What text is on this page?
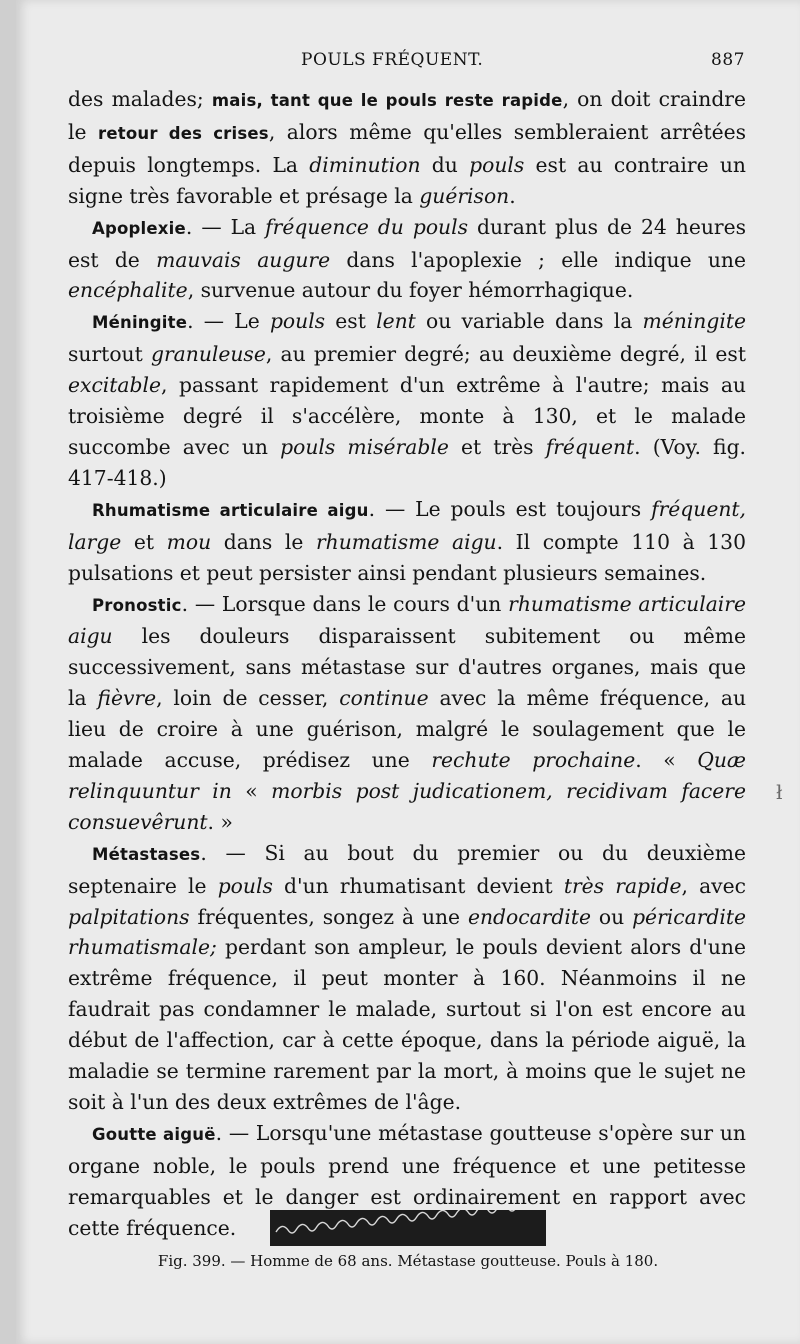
POULS FRÉQUENT.	887

des malades; mais, tant que le pouls reste rapide, on doit craindre le retour des crises, alors même qu'elles sembleraient arrêtées depuis longtemps. La diminution du pouls est au contraire un signe très favorable et présage la guérison.

Apoplexie. — La fréquence du pouls durant plus de 24 heures est de mauvais augure dans l'apoplexie ; elle indique une encéphalite, survenue autour du foyer hémorrhagique.

Méningite. — Le pouls est lent ou variable dans la méningite surtout granuleuse, au premier degré; au deuxième degré, il est excitable, passant rapidement d'un extrême à l'autre; mais au troisième degré il s'accélère, monte à 130, et le malade succombe avec un pouls misérable et très fréquent. (Voy. fig. 417-418.)

Rhumatisme articulaire aigu. — Le pouls est toujours fréquent, large et mou dans le rhumatisme aigu. Il compte 110 à 130 pulsations et peut persister ainsi pendant plusieurs semaines.

Pronostic. — Lorsque dans le cours d'un rhumatisme articulaire aigu les douleurs disparaissent subitement ou même successivement, sans métastase sur d'autres organes, mais que la fièvre, loin de cesser, continue avec la même fréquence, au lieu de croire à une guérison, malgré le soulagement que le malade accuse, prédisez une rechute prochaine. « Quæ relinquuntur in « morbis post judicationem, recidivam facere consuevêrunt. »

Métastases. — Si au bout du premier ou du deuxième septenaire le pouls d'un rhumatisant devient très rapide, avec palpitations fréquentes, songez à une endocardite ou péricardite rhumatismale; perdant son ampleur, le pouls devient alors d'une extrême fréquence, il peut monter à 160. Néanmoins il ne faudrait pas condamner le malade, surtout si l'on est encore au début de l'affection, car à cette époque, dans la période aiguë, la maladie se termine rarement par la mort, à moins que le sujet ne soit à l'un des deux extrêmes de l'âge.

Goutte aiguë. — Lorsqu'une métastase goutteuse s'opère sur un organe noble, le pouls prend une fréquence et une petitesse remarquables et le danger est ordinairement en rapport avec cette fréquence.

Fig. 399. — Homme de 68 ans. Métastase goutteuse. Pouls à 180.
ł
